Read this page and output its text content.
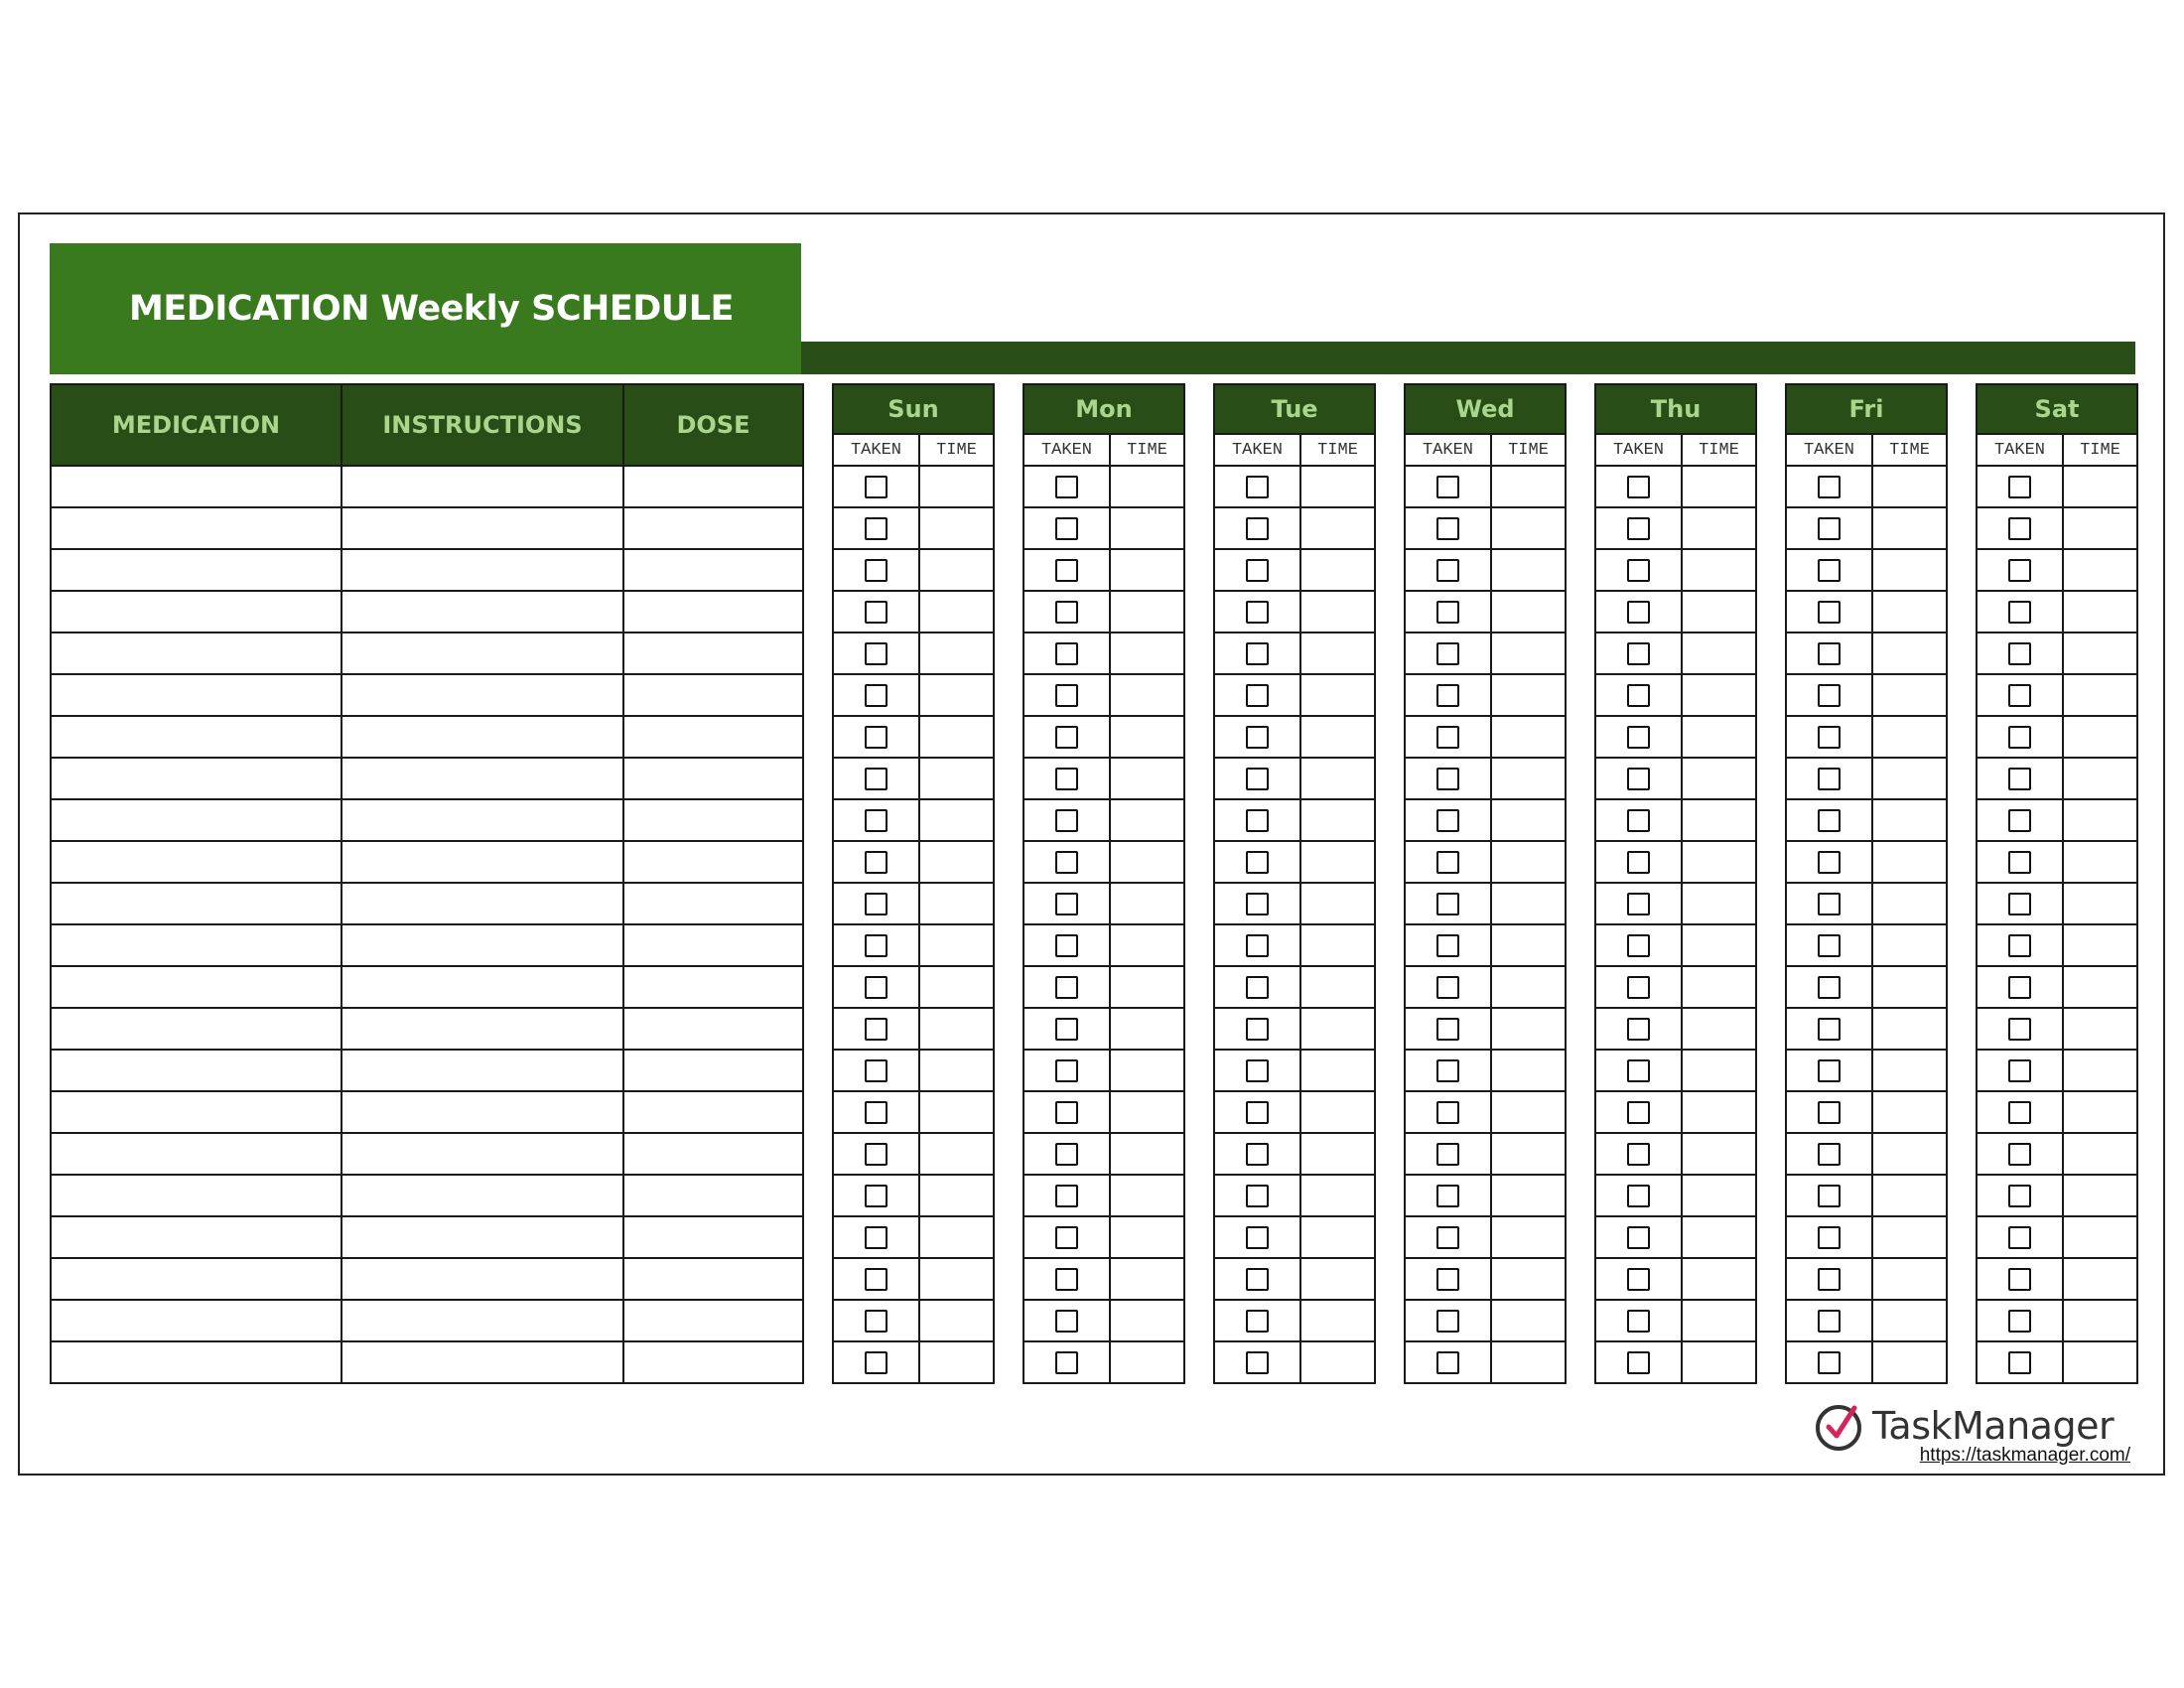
MEDICATION Weekly SCHEDULE
MEDICATION	INSTRUCTIONS	DOSE

Sun	
TAKEN	TIME

Mon	
TAKEN	TIME

Tue	
TAKEN	TIME

Wed	
TAKEN	TIME

Thu	
TAKEN	TIME

Fri	
TAKEN	TIME

Sat	
TAKEN	TIME

TaskManager
https://taskmanager.com/
